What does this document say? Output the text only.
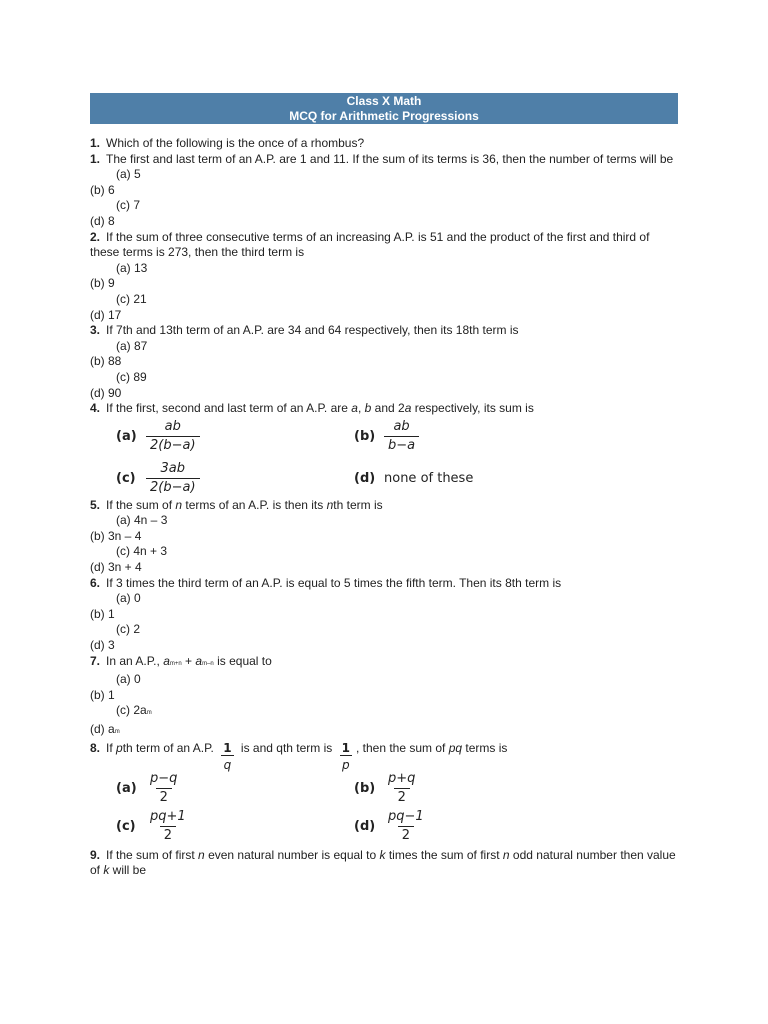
Class X Math
MCQ for Arithmetic Progressions
1. Which of the following is the once of a rhombus?
1. The first and last term of an A.P. are 1 and 11. If the sum of its terms is 36, then the number of terms will be
(a) 5
(b) 6
(c) 7
(d) 8
2. If the sum of three consecutive terms of an increasing A.P. is 51 and the product of the first and third of these terms is 273, then the third term is
(a) 13
(b) 9
(c) 21
(d) 17
3. If 7th and 13th term of an A.P. are 34 and 64 respectively, then its 18th term is
(a) 87
(b) 88
(c) 89
(d) 90
4. If the first, second and last term of an A.P. are a, b and 2a respectively, its sum is
$(a) \frac{ab}{2(b-a)}$	$(b) \frac{ab}{b-a}$
$(c) \frac{3ab}{2(b-a)}$	(d) none of these
5. If the sum of n terms of an A.P. is then its nth term is
(a) 4n – 3
(b) 3n – 4
(c) 4n + 3
(d) 3n + 4
6. If 3 times the third term of an A.P. is equal to 5 times the fifth term. Then its 8th term is
(a) 0
(b) 1
(c) 2
(d) 3
7. In an A.P., am+n + am–n is equal to
(a) 0
(b) 1
(c) 2am
(d) am
8. If pth term of an A.P. $\frac{1}{q}$ is and qth term is $\frac{1}{p}$ , then the sum of pq terms is
$(a) \frac{p-q}{2}$	$(b) \frac{p+q}{2}$
$(c) \frac{pq+1}{2}$	$(d) \frac{pq-1}{2}$
9. If the sum of first n even natural number is equal to k times the sum of first n odd natural number then value of k will be
